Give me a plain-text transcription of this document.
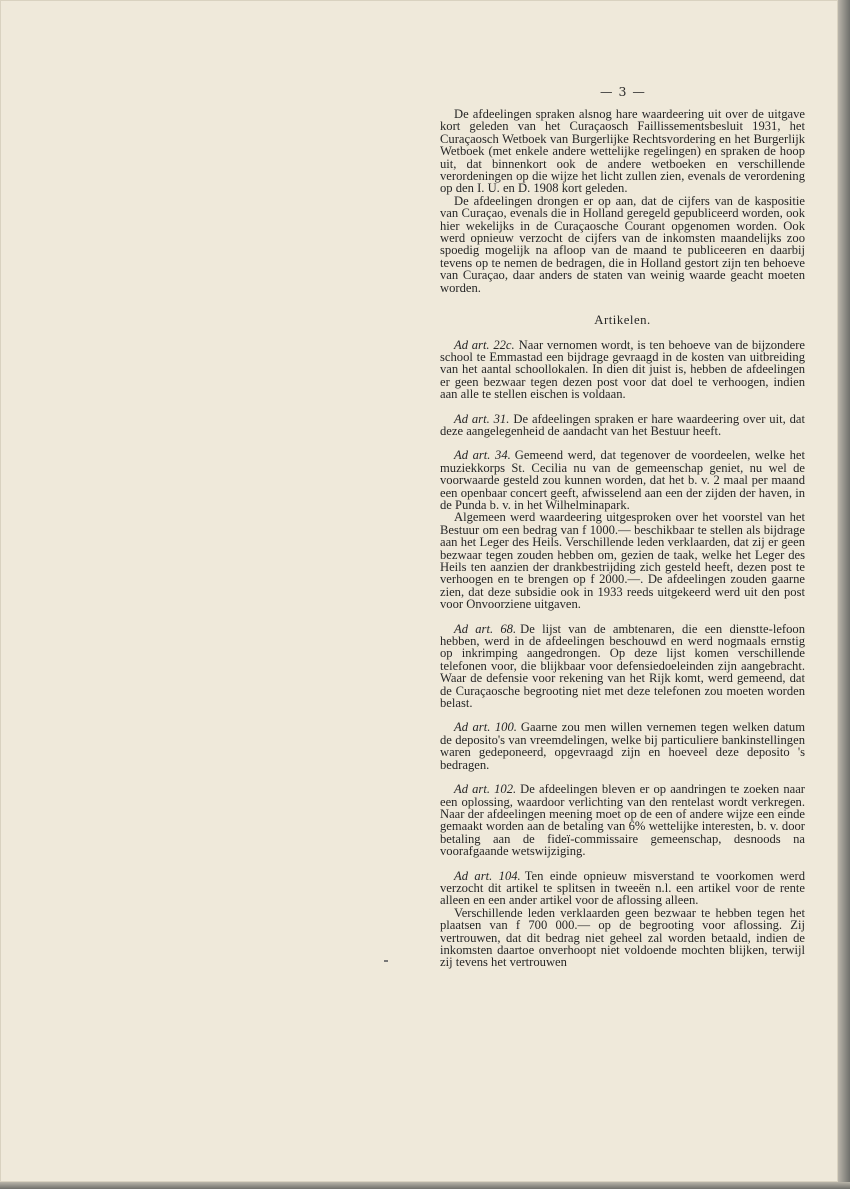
— 3 —

De afdeelingen spraken alsnog hare waardeering uit over de uitgave kort geleden van het Curaçaosch Faillissementsbesluit 1931, het Curaçaosch Wetboek van Burgerlijke Rechtsvordering en het Burgerlijk Wetboek (met enkele andere wettelijke regelingen) en spraken de hoop uit, dat binnenkort ook de andere wetboeken en verschillende verordeningen op die wijze het licht zullen zien, evenals de verordening op den I. U. en D. 1908 kort geleden.

De afdeelingen drongen er op aan, dat de cijfers van de kaspositie van Curaçao, evenals die in Holland geregeld gepubliceerd worden, ook hier wekelijks in de Curaçaosche Courant opgenomen worden. Ook werd opnieuw verzocht de cijfers van de inkomsten maandelijks zoo spoedig mogelijk na afloop van de maand te publiceeren en daarbij tevens op te nemen de bedragen, die in Holland gestort zijn ten behoeve van Curaçao, daar anders de staten van weinig waarde geacht moeten worden.

Artikelen.

Ad art. 22c. Naar vernomen wordt, is ten behoeve van de bijzondere school te Emmastad een bijdrage gevraagd in de kosten van uitbreiding van het aantal schoollokalen. In dien dit juist is, hebben de afdeelingen er geen bezwaar tegen dezen post voor dat doel te verhoogen, indien aan alle te stellen eischen is voldaan.

Ad art. 31. De afdeelingen spraken er hare waardeering over uit, dat deze aangelegenheid de aandacht van het Bestuur heeft.

Ad art. 34. Gemeend werd, dat tegenover de voordeelen, welke het muziekkorps St. Cecilia nu van de gemeenschap geniet, nu wel de voorwaarde gesteld zou kunnen worden, dat het b. v. 2 maal per maand een openbaar concert geeft, afwisselend aan een der zijden der haven, in de Punda b. v. in het Wilhelminapark.

Algemeen werd waardeering uitgesproken over het voorstel van het Bestuur om een bedrag van f 1000.— beschikbaar te stellen als bijdrage aan het Leger des Heils. Verschillende leden verklaarden, dat zij er geen bezwaar tegen zouden hebben om, gezien de taak, welke het Leger des Heils ten aanzien der drankbestrijding zich gesteld heeft, dezen post te verhoogen en te brengen op f 2000.—. De afdeelingen zouden gaarne zien, dat deze subsidie ook in 1933 reeds uitgekeerd werd uit den post voor Onvoorziene uitgaven.

Ad art. 68. De lijst van de ambtenaren, die een dienstte-lefoon hebben, werd in de afdeelingen beschouwd en werd nogmaals ernstig op inkrimping aangedrongen. Op deze lijst komen verschillende telefonen voor, die blijkbaar voor defensiedoeleinden zijn aangebracht. Waar de defensie voor rekening van het Rijk komt, werd gemeend, dat de Curaçaosche begrooting niet met deze telefonen zou moeten worden belast.

Ad art. 100. Gaarne zou men willen vernemen tegen welken datum de deposito's van vreemdelingen, welke bij particuliere bankinstellingen waren gedeponeerd, opgevraagd zijn en hoeveel deze deposito 's bedragen.

Ad art. 102. De afdeelingen bleven er op aandringen te zoeken naar een oplossing, waardoor verlichting van den rentelast wordt verkregen. Naar der afdeelingen meening moet op de een of andere wijze een einde gemaakt worden aan de betaling van 6% wettelijke interesten, b. v. door betaling aan de fideï-commissaire gemeenschap, desnoods na voorafgaande wetswijziging.

Ad art. 104. Ten einde opnieuw misverstand te voorkomen werd verzocht dit artikel te splitsen in tweeën n.l. een artikel voor de rente alleen en een ander artikel voor de aflossing alleen.

Verschillende leden verklaarden geen bezwaar te hebben tegen het plaatsen van f 700 000.— op de begrooting voor aflossing. Zij vertrouwen, dat dit bedrag niet geheel zal worden betaald, indien de inkomsten daartoe onverhoopt niet voldoende mochten blijken, terwijl zij tevens het vertrouwen
